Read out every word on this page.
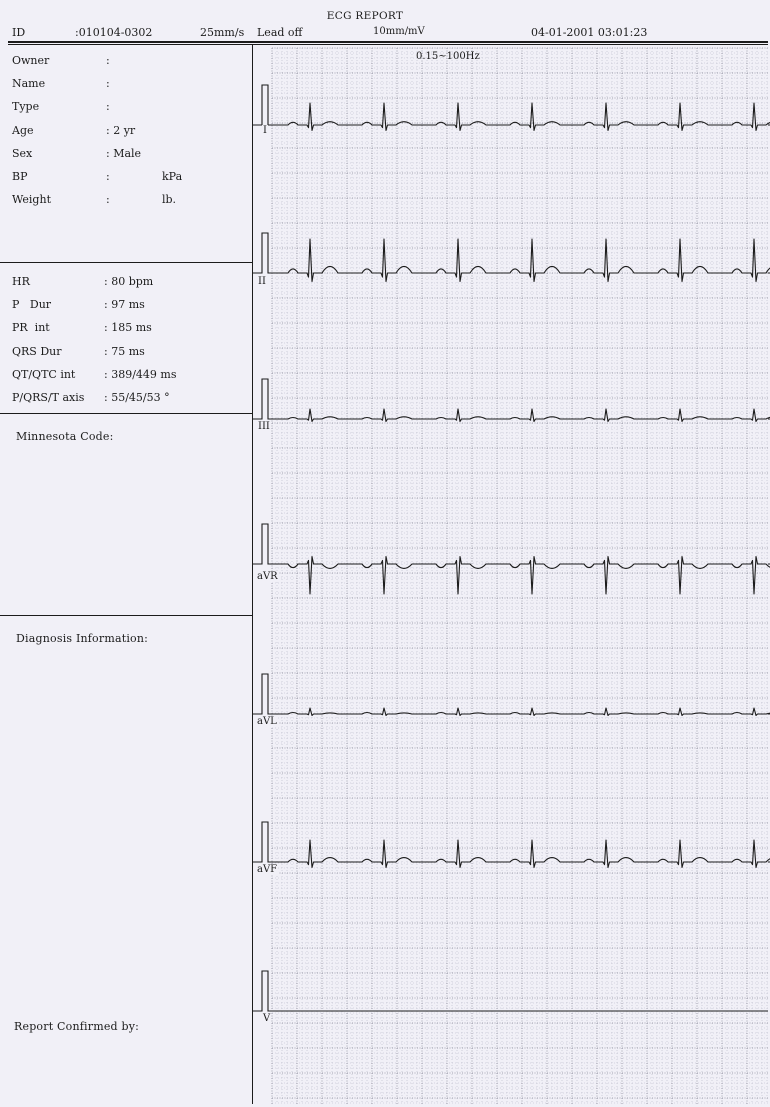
ECG REPORT
ID	:010104-0302	25mm/s Lead off	10mm/mV	04-01-2001 03:01:23
0.15~100Hz
Owner	:
Name	:
Type	:
Age	: 2 yr
Sex	: Male
BP	:	kPa
Weight	:	lb.
HR	: 80 bpm
P   Dur	: 97 ms
PR  int	: 185 ms
QRS Dur	: 75 ms
QT/QTC int	: 389/449 ms
P/QRS/T axis : 55/45/53 °
Minnesota Code:
Diagnosis Information:
Report Confirmed by:
I
II
III
aVR
aVL
aVF
V
